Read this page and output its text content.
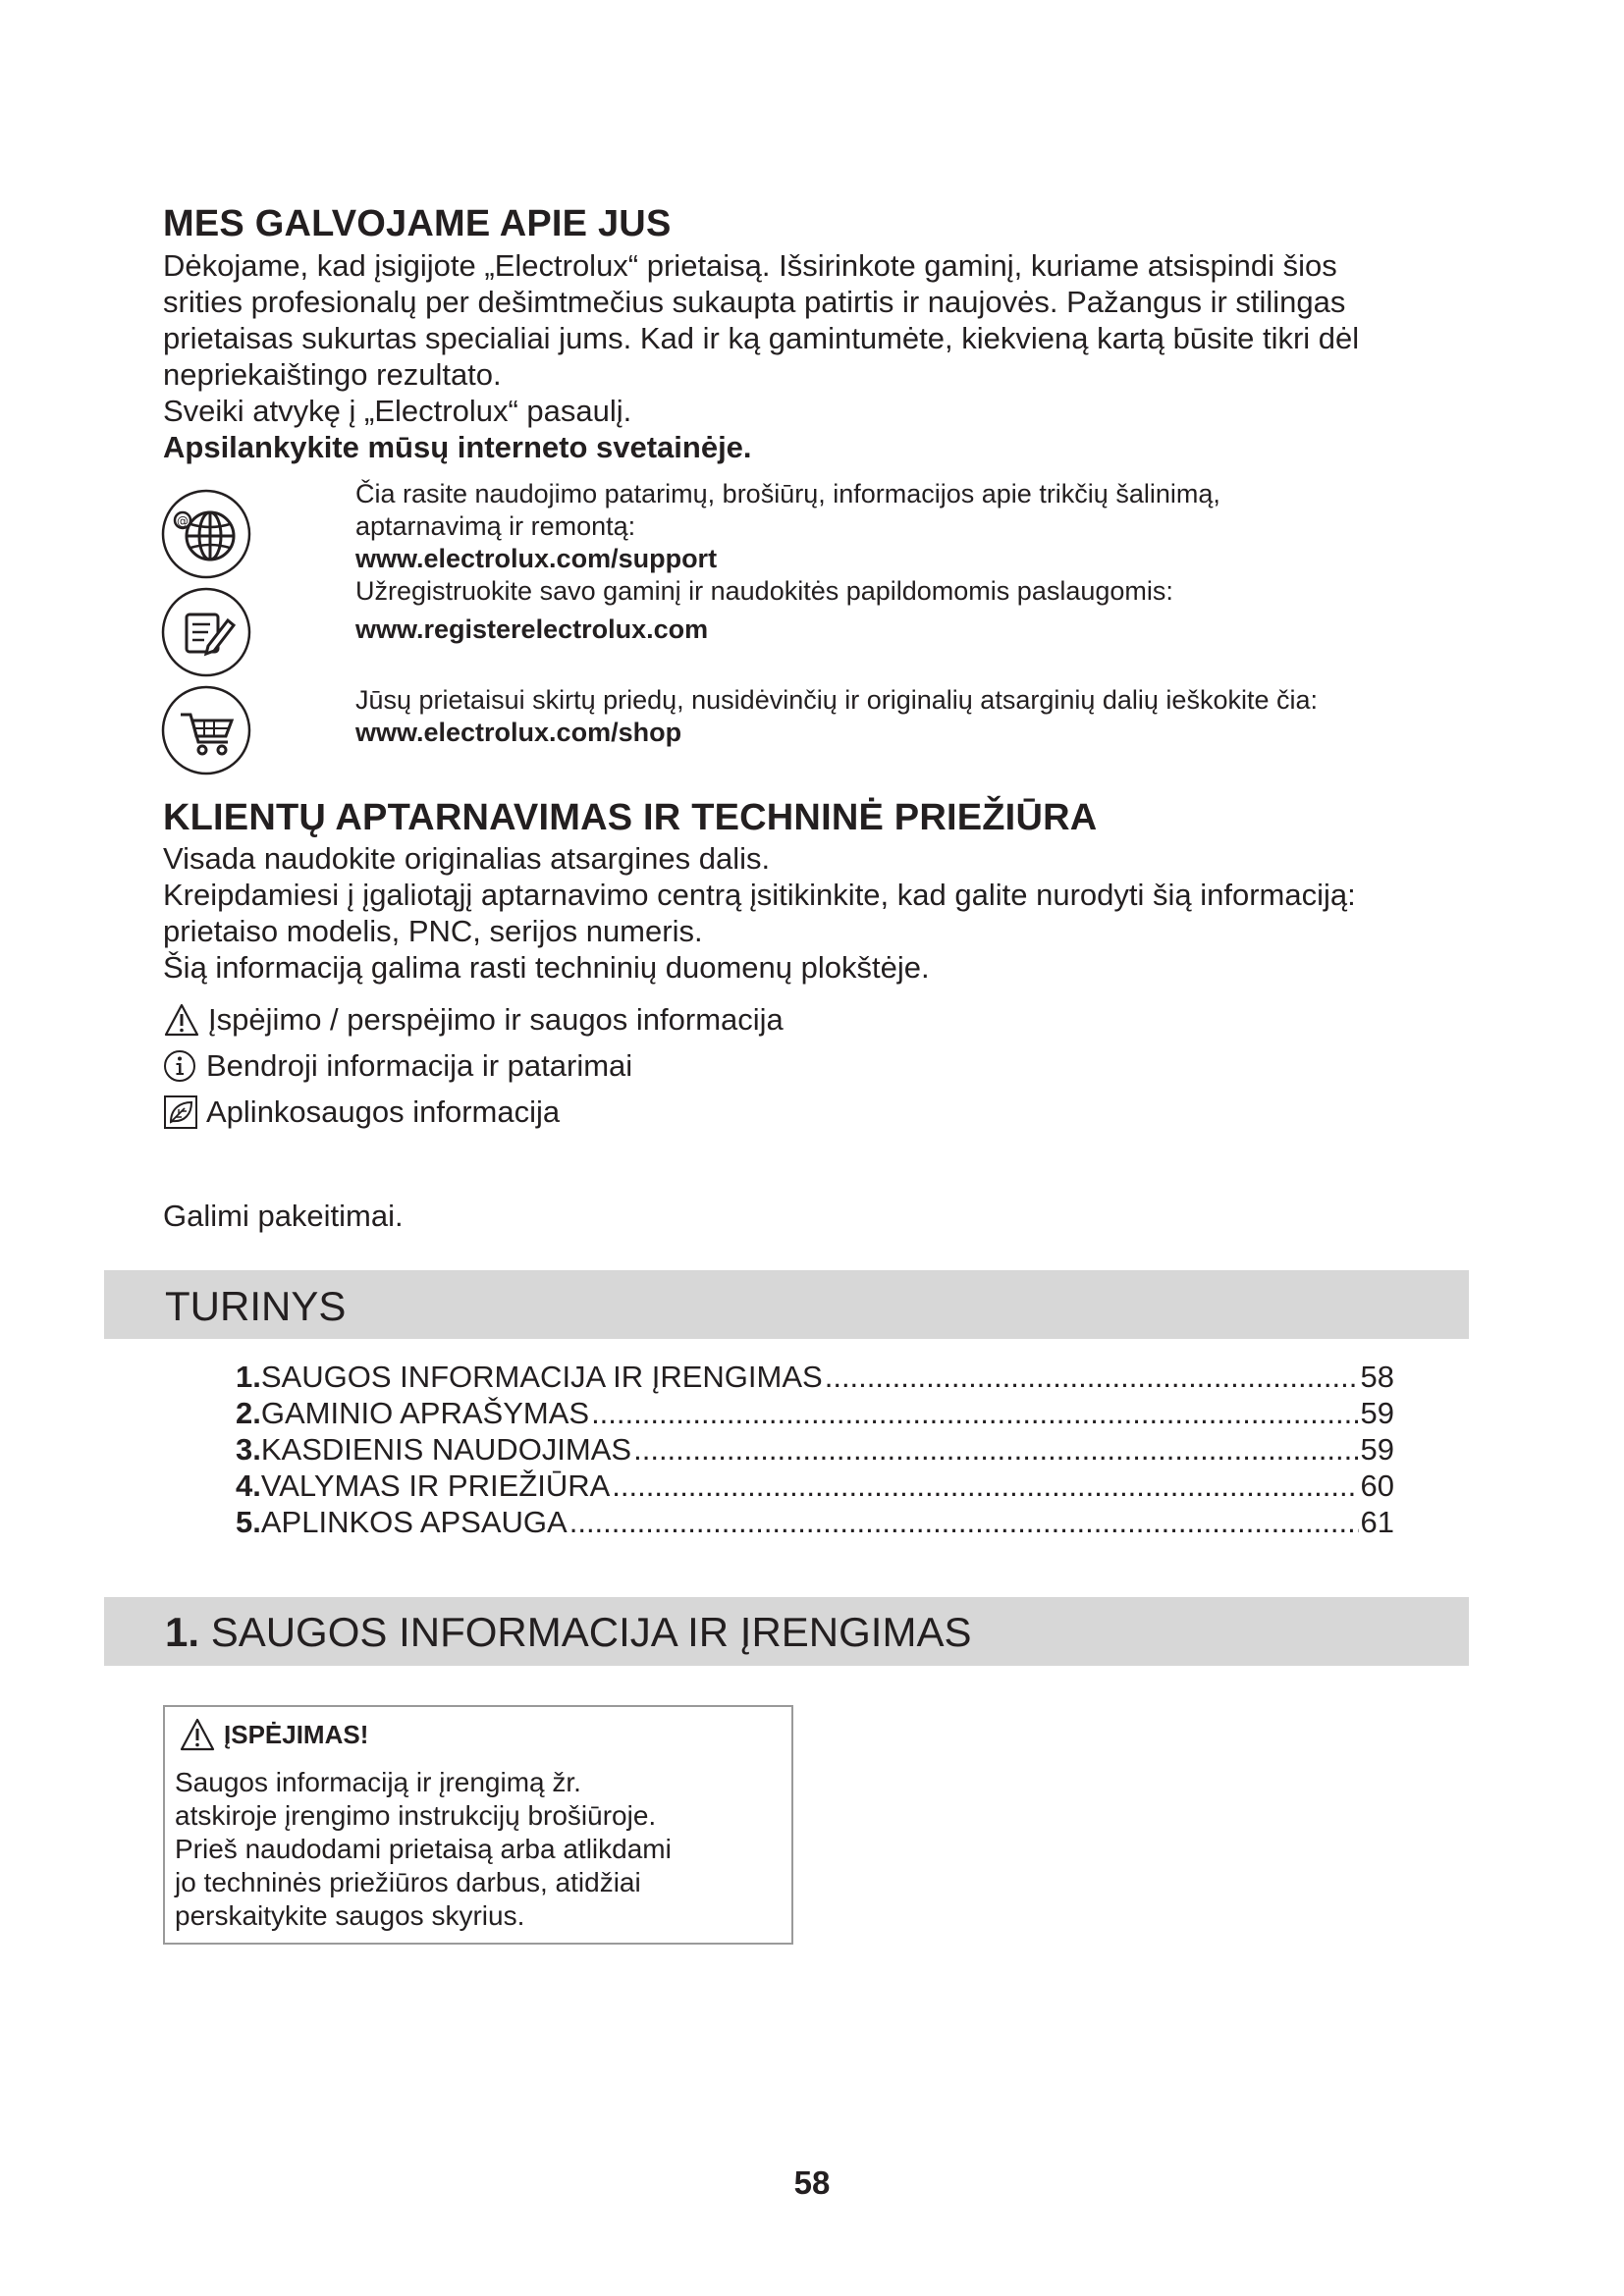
MES GALVOJAME APIE JUS
Dėkojame, kad įsigijote „Electrolux“ prietaisą. Išsirinkote gaminį, kuriame atsispindi šios
srities profesionalų per dešimtmečius sukaupta patirtis ir naujovės. Pažangus ir stilingas
prietaisas sukurtas specialiai jums. Kad ir ką gamintumėte, kiekvieną kartą būsite tikri dėl
nepriekaištingo rezultato.
Sveiki atvykę į „Electrolux“ pasaulį.
Apsilankykite mūsų interneto svetainėje.
@
Čia rasite naudojimo patarimų, brošiūrų, informacijos apie trikčių šalinimą,
aptarnavimą ir remontą:
www.electrolux.com/support
Užregistruokite savo gaminį ir naudokitės papildomomis paslaugomis:
www.registerelectrolux.com
Jūsų prietaisui skirtų priedų, nusidėvinčių ir originalių atsarginių dalių ieškokite čia:
www.electrolux.com/shop
KLIENTŲ APTARNAVIMAS IR TECHNINĖ PRIEŽIŪRA
Visada naudokite originalias atsargines dalis.
Kreipdamiesi į įgaliotąjį aptarnavimo centrą įsitikinkite, kad galite nurodyti šią informaciją:
prietaiso modelis, PNC, serijos numeris.
Šią informaciją galima rasti techninių duomenų plokštėje.
Įspėjimo / perspėjimo ir saugos informacija
Bendroji informacija ir patarimai
Aplinkosaugos informacija
Galimi pakeitimai.
TURINYS
1. SAUGOS INFORMACIJA IR ĮRENGIMAS .....	58
2. GAMINIO APRAŠYMAS .....	59
3. KASDIENIS NAUDOJIMAS .....	59
4. VALYMAS IR PRIEŽIŪRA .....	60
5. APLINKOS APSAUGA .....	61
1. SAUGOS INFORMACIJA IR ĮRENGIMAS
ĮSPĖJIMAS!
Saugos informaciją ir įrengimą žr.
atskiroje įrengimo instrukcijų brošiūroje.
Prieš naudodami prietaisą arba atlikdami
jo techninės priežiūros darbus, atidžiai
perskaitykite saugos skyrius.
58
